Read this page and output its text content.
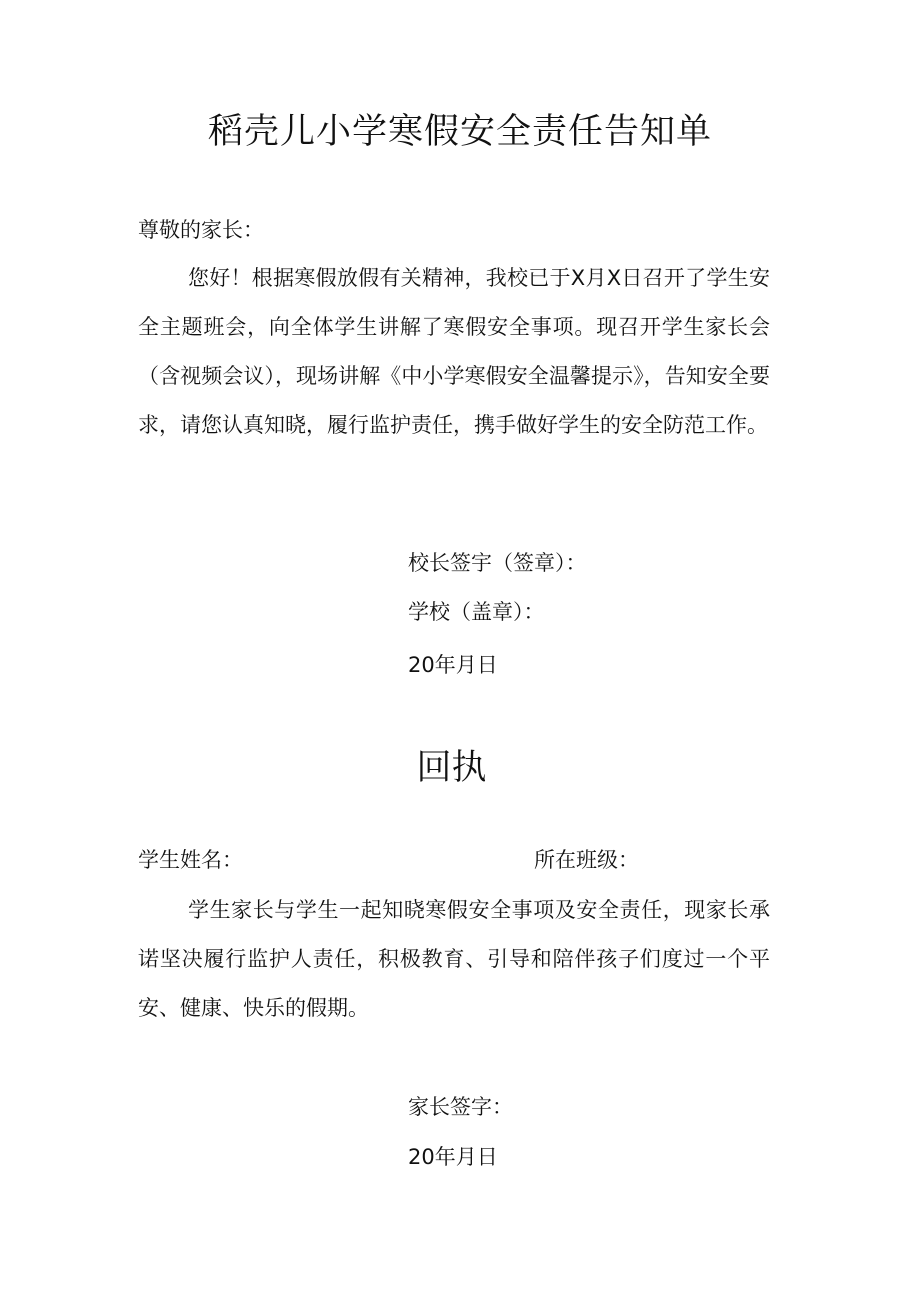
稻壳儿小学寒假安全责任告知单
尊敬的家长：
您好！根据寒假放假有关精神，我校已于X月X日召开了学生安全主题班会，向全体学生讲解了寒假安全事项。现召开学生家长会（含视频会议），现场讲解《中小学寒假安全温馨提示》，告知安全要求，请您认真知晓，履行监护责任，携手做好学生的安全防范工作。
校长签宇（签章）：
学校（盖章）：
20年月日
回执
学生姓名：	所在班级：
学生家长与学生一起知晓寒假安全事项及安全责任，现家长承诺坚决履行监护人责任，积极教育、引导和陪伴孩子们度过一个平安、健康、快乐的假期。
家长签字：
20年月日
